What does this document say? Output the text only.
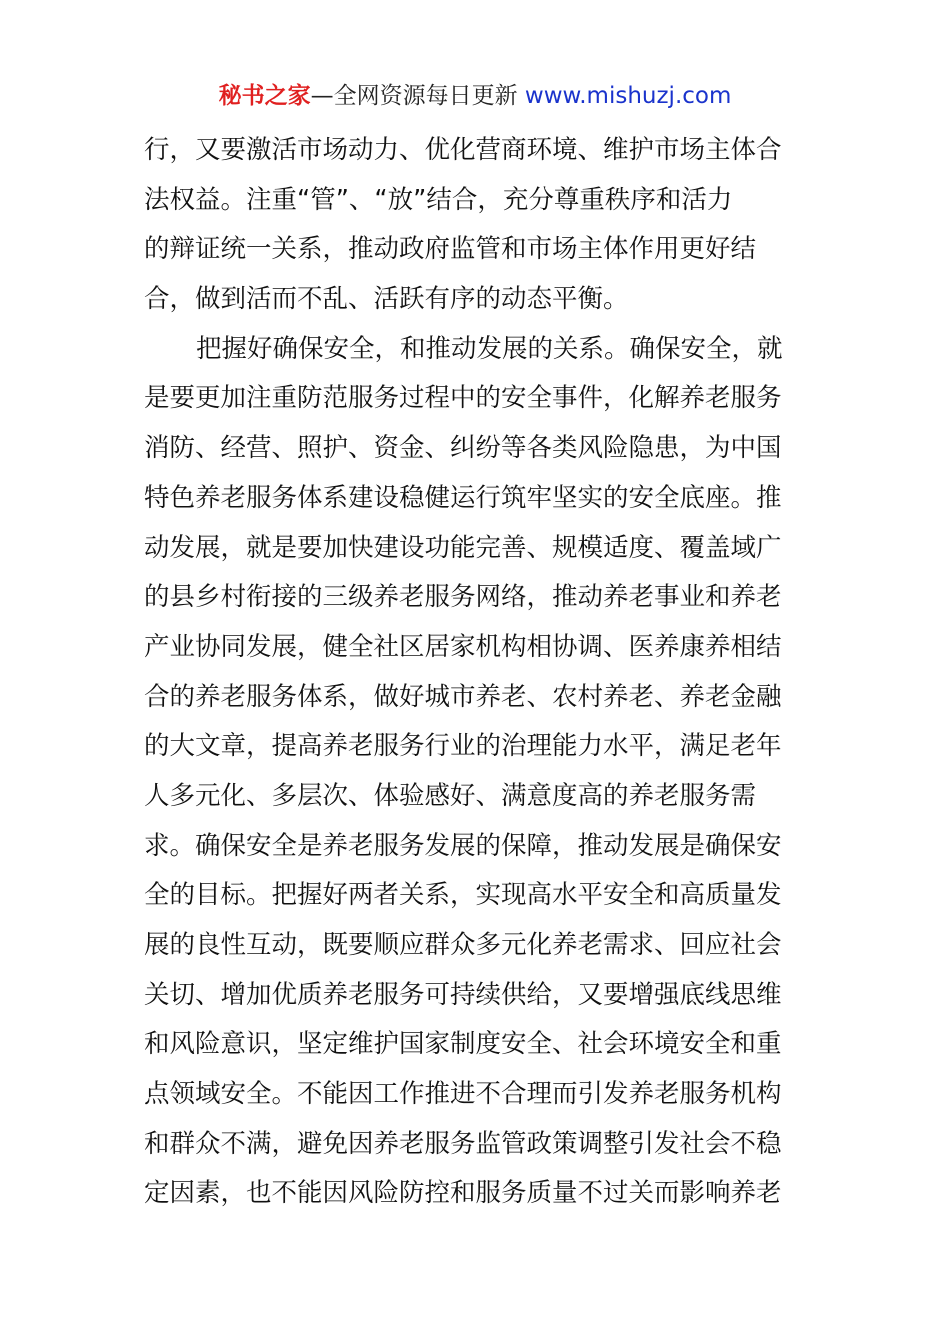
秘书之家—全网资源每日更新 www.mishuzj.com
行，又要激活市场动力、优化营商环境、维护市场主体合
法权益。注重“管”、“放”结合，充分尊重秩序和活力
的辩证统一关系，推动政府监管和市场主体作用更好结
合，做到活而不乱、活跃有序的动态平衡。
把握好确保安全，和推动发展的关系。确保安全，就
是要更加注重防范服务过程中的安全事件，化解养老服务
消防、经营、照护、资金、纠纷等各类风险隐患，为中国
特色养老服务体系建设稳健运行筑牢坚实的安全底座。推
动发展，就是要加快建设功能完善、规模适度、覆盖域广
的县乡村衔接的三级养老服务网络，推动养老事业和养老
产业协同发展，健全社区居家机构相协调、医养康养相结
合的养老服务体系，做好城市养老、农村养老、养老金融
的大文章，提高养老服务行业的治理能力水平，满足老年
人多元化、多层次、体验感好、满意度高的养老服务需
求。确保安全是养老服务发展的保障，推动发展是确保安
全的目标。把握好两者关系，实现高水平安全和高质量发
展的良性互动，既要顺应群众多元化养老需求、回应社会
关切、增加优质养老服务可持续供给，又要增强底线思维
和风险意识，坚定维护国家制度安全、社会环境安全和重
点领域安全。不能因工作推进不合理而引发养老服务机构
和群众不满，避免因养老服务监管政策调整引发社会不稳
定因素，也不能因风险防控和服务质量不过关而影响养老
